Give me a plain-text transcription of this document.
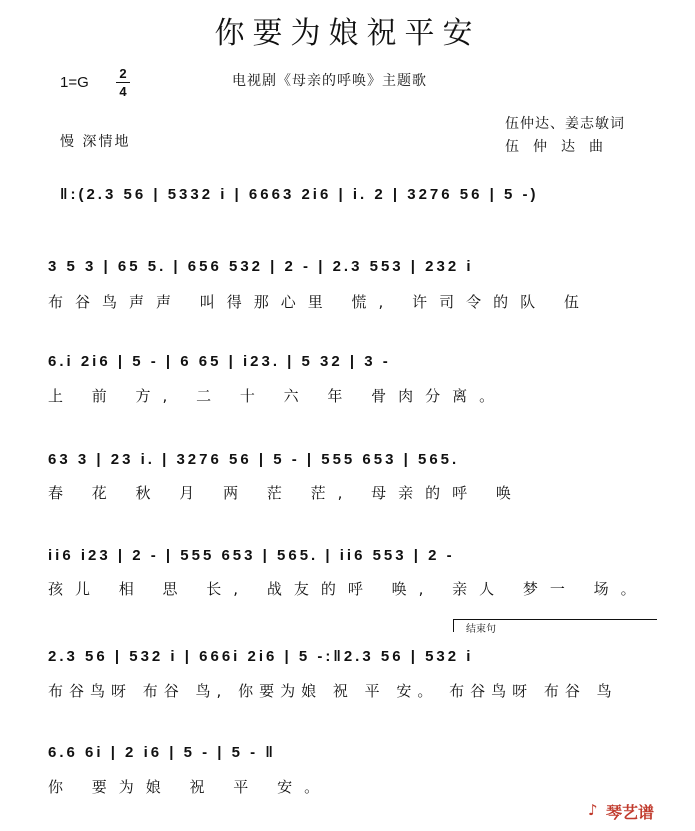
你要为娘祝平安
1=G
2
4
电视剧《母亲的呼唤》主题歌
伍仲达、姜志敏词
伍仲达曲
慢 深情地
‖:(2.3 56 | 5332 i | 6663 2i6 | i. 2 | 3276 56 | 5 -)
3 5 3 | 65 5. | 656 532 | 2 - | 2.3 553 | 232 i
布谷鸟声声 叫得那心里 慌, 许司令的队 伍
6.i 2i6 | 5 - | 6 65 | i23. | 5 32 | 3 -
上 前 方, 二 十 六 年 骨肉分离。
63 3 | 23 i. | 3276 56 | 5 - | 555 653 | 565.
春 花 秋 月 两 茫 茫, 母亲的呼 唤
ii6 i23 | 2 - | 555 653 | 565. | ii6 553 | 2 -
孩儿 相 思 长, 战友的呼 唤, 亲人 梦一 场。
结束句
2.3 56 | 532 i | 666i 2i6 | 5 -:‖2.3 56 | 532 i
布谷鸟呀 布谷 鸟, 你要为娘 祝 平 安。 布谷鸟呀 布谷 鸟
6.6 6i | 2 i6 | 5 - | 5 - ‖
你 要为娘 祝 平 安。
♪ 琴艺谱
